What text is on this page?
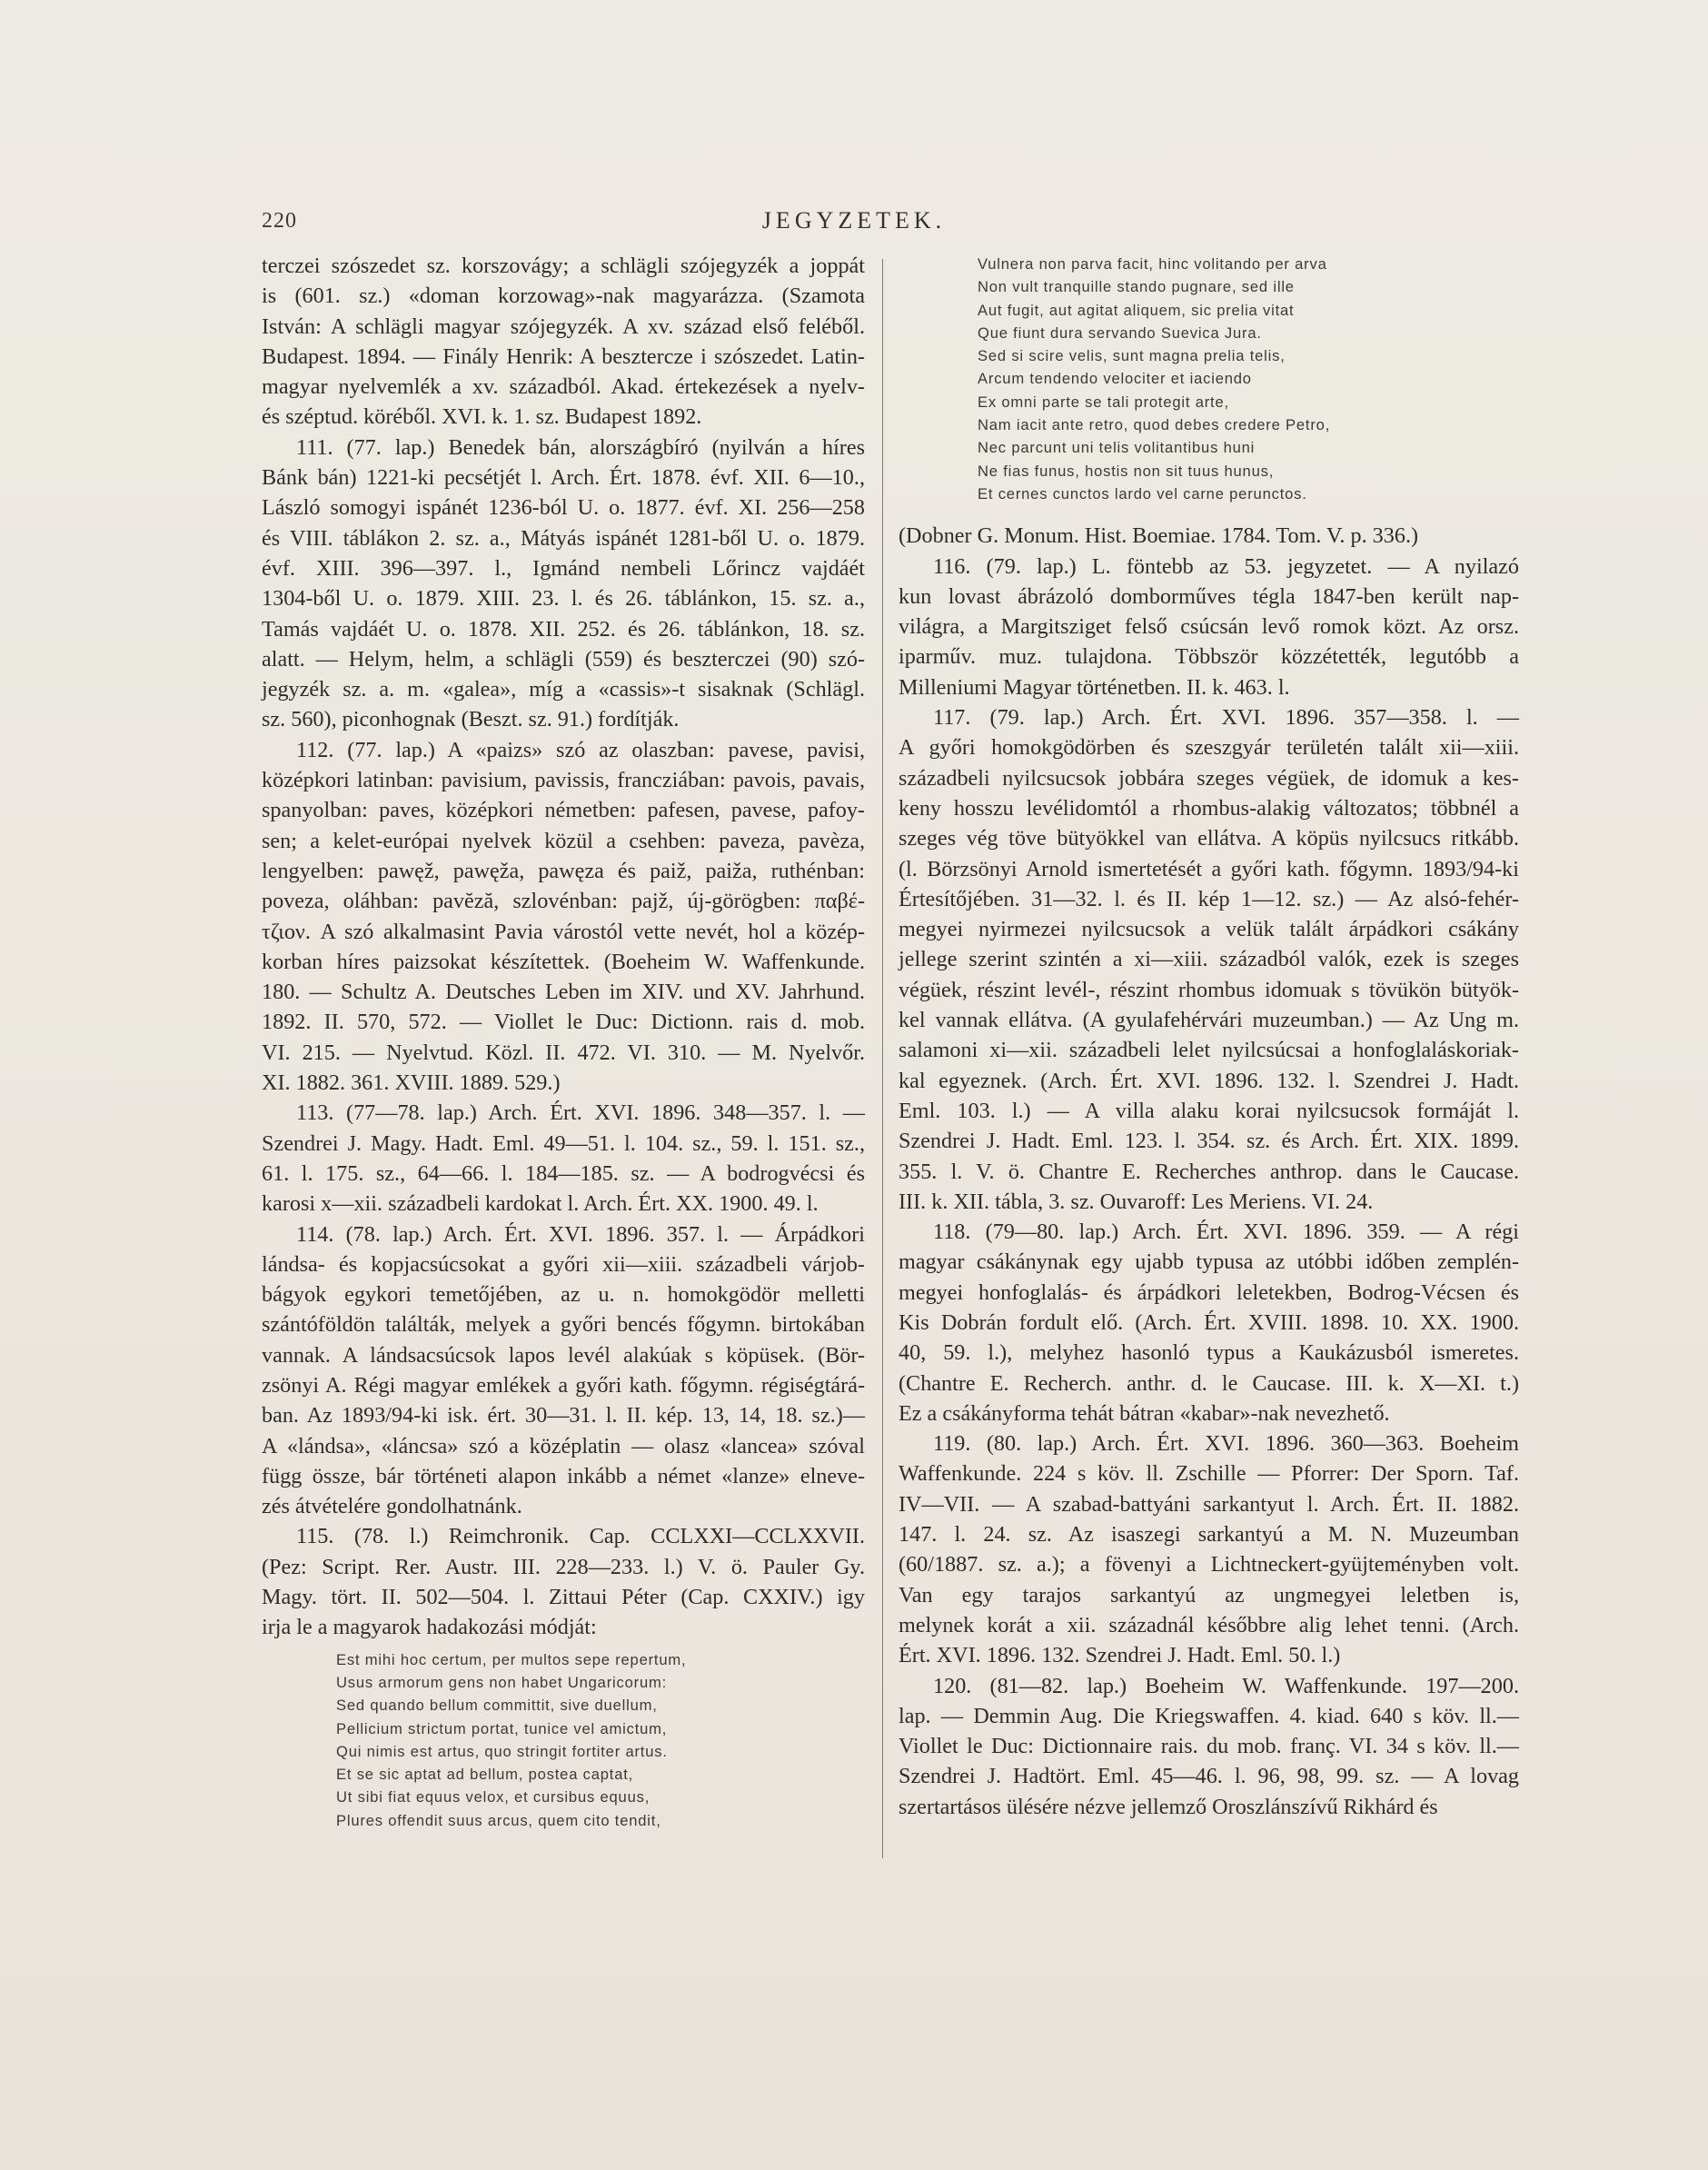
220	JEGYZETEK.
terczei szószedet sz. korszovágy; a schlägli szójegyzék a joppát
is (601. sz.) «doman korzowag»-nak magyarázza. (Szamota
István: A schlägli magyar szójegyzék. A xv. század első feléből.
Budapest. 1894. — Finály Henrik: A besztercze i szószedet. Latin-
magyar nyelvemlék a xv. századból. Akad. értekezések a nyelv-
és széptud. köréből. XVI. k. 1. sz. Budapest 1892.
111. (77. lap.) Benedek bán, alországbíró (nyilván a híres
Bánk bán) 1221-ki pecsétjét l. Arch. Ért. 1878. évf. XII. 6—10.,
László somogyi ispánét 1236-ból U. o. 1877. évf. XI. 256—258
és VIII. táblákon 2. sz. a., Mátyás ispánét 1281-ből U. o. 1879.
évf. XIII. 396—397. l., Igmánd nembeli Lőrincz vajdáét
1304-ből U. o. 1879. XIII. 23. l. és 26. táblánkon, 15. sz. a.,
Tamás vajdáét U. o. 1878. XII. 252. és 26. táblánkon, 18. sz.
alatt. — Helym, helm, a schlägli (559) és beszterczei (90) szó-
jegyzék sz. a. m. «galea», míg a «cassis»-t sisaknak (Schlägl.
sz. 560), piconhognak (Beszt. sz. 91.) fordítják.
112. (77. lap.) A «paizs» szó az olaszban: pavese, pavisi,
középkori latinban: pavisium, pavissis, francziában: pavois, pavais,
spanyolban: paves, középkori németben: pafesen, pavese, pafoy-
sen; a kelet-európai nyelvek közül a csehben: paveza, pavèza,
lengyelben: pawęž, pawęža, pawęza és paiž, paiža, ruthénban:
poveza, oláhban: pavĕză, szlovénban: pajž, új-görögben: παβέ-
τζιον. A szó alkalmasint Pavia várostól vette nevét, hol a közép-
korban híres paizsokat készítettek. (Boeheim W. Waffenkunde.
180. — Schultz A. Deutsches Leben im XIV. und XV. Jahrhund.
1892. II. 570, 572. — Viollet le Duc: Dictionn. rais d. mob.
VI. 215. — Nyelvtud. Közl. II. 472. VI. 310. — M. Nyelvőr.
XI. 1882. 361. XVIII. 1889. 529.)
113. (77—78. lap.) Arch. Ért. XVI. 1896. 348—357. l. —
Szendrei J. Magy. Hadt. Eml. 49—51. l. 104. sz., 59. l. 151. sz.,
61. l. 175. sz., 64—66. l. 184—185. sz. — A bodrogvécsi és
karosi x—xii. századbeli kardokat l. Arch. Ért. XX. 1900. 49. l.
114. (78. lap.) Arch. Ért. XVI. 1896. 357. l. — Árpádkori
lándsa- és kopjacsúcsokat a győri xii—xiii. századbeli várjob-
bágyok egykori temetőjében, az u. n. homokgödör melletti
szántóföldön találták, melyek a győri bencés főgymn. birtokában
vannak. A lándsacsúcsok lapos levél alakúak s köpüsek. (Bör-
zsönyi A. Régi magyar emlékek a győri kath. főgymn. régiségtárá-
ban. Az 1893/94-ki isk. ért. 30—31. l. II. kép. 13, 14, 18. sz.)—
A «lándsa», «láncsa» szó a középlatin — olasz «lancea» szóval
függ össze, bár történeti alapon inkább a német «lanze» elneve-
zés átvételére gondolhatnánk.
115. (78. l.) Reimchronik. Cap. CCLXXI—CCLXXVII.
(Pez: Script. Rer. Austr. III. 228—233. l.) V. ö. Pauler Gy.
Magy. tört. II. 502—504. l. Zittaui Péter (Cap. CXXIV.) igy
irja le a magyarok hadakozási módját:
Est mihi hoc certum, per multos sepe repertum,
Usus armorum gens non habet Ungaricorum:
Sed quando bellum committit, sive duellum,
Pellicium strictum portat, tunice vel amictum,
Qui nimis est artus, quo stringit fortiter artus.
Et se sic aptat ad bellum, postea captat,
Ut sibi fiat equus velox, et cursibus equus,
Plures offendit suus arcus, quem cito tendit,
Vulnera non parva facit, hinc volitando per arva
Non vult tranquille stando pugnare, sed ille
Aut fugit, aut agitat aliquem, sic prelia vitat
Que fiunt dura servando Suevica Jura.
Sed si scire velis, sunt magna prelia telis,
Arcum tendendo velociter et iaciendo
Ex omni parte se tali protegit arte,
Nam iacit ante retro, quod debes credere Petro,
Nec parcunt uni telis volitantibus huni
Ne fias funus, hostis non sit tuus hunus,
Et cernes cunctos lardo vel carne perunctos.
(Dobner G. Monum. Hist. Boemiae. 1784. Tom. V. p. 336.)
116. (79. lap.) L. föntebb az 53. jegyzetet. — A nyilazó
kun lovast ábrázoló domborműves tégla 1847-ben került nap-
világra, a Margitsziget felső csúcsán levő romok közt. Az orsz.
iparműv. muz. tulajdona. Többször közzétették, legutóbb a
Milleniumi Magyar történetben. II. k. 463. l.
117. (79. lap.) Arch. Ért. XVI. 1896. 357—358. l. —
A győri homokgödörben és szeszgyár területén talált xii—xiii.
századbeli nyilcsucsok jobbára szeges végüek, de idomuk a kes-
keny hosszu levélidomtól a rhombus-alakig változatos; többnél a
szeges vég töve bütyökkel van ellátva. A köpüs nyilcsucs ritkább.
(l. Börzsönyi Arnold ismertetését a győri kath. főgymn. 1893/94-ki
Értesítőjében. 31—32. l. és II. kép 1—12. sz.) — Az alsó-fehér-
megyei nyirmezei nyilcsucsok a velük talált árpádkori csákány
jellege szerint szintén a xi—xiii. századból valók, ezek is szeges
végüek, részint levél-, részint rhombus idomuak s tövükön bütyök-
kel vannak ellátva. (A gyulafehérvári muzeumban.) — Az Ung m.
salamoni xi—xii. századbeli lelet nyilcsúcsai a honfoglaláskoriak-
kal egyeznek. (Arch. Ért. XVI. 1896. 132. l. Szendrei J. Hadt.
Eml. 103. l.) — A villa alaku korai nyilcsucsok formáját l.
Szendrei J. Hadt. Eml. 123. l. 354. sz. és Arch. Ért. XIX. 1899.
355. l. V. ö. Chantre E. Recherches anthrop. dans le Caucase.
III. k. XII. tábla, 3. sz. Ouvaroff: Les Meriens. VI. 24.
118. (79—80. lap.) Arch. Ért. XVI. 1896. 359. — A régi
magyar csákánynak egy ujabb typusa az utóbbi időben zemplén-
megyei honfoglalás- és árpádkori leletekben, Bodrog-Vécsen és
Kis Dobrán fordult elő. (Arch. Ért. XVIII. 1898. 10. XX. 1900.
40, 59. l.), melyhez hasonló typus a Kaukázusból ismeretes.
(Chantre E. Recherch. anthr. d. le Caucase. III. k. X—XI. t.)
Ez a csákányforma tehát bátran «kabar»-nak nevezhető.
119. (80. lap.) Arch. Ért. XVI. 1896. 360—363. Boeheim
Waffenkunde. 224 s köv. ll. Zschille — Pforrer: Der Sporn. Taf.
IV—VII. — A szabad-battyáni sarkantyut l. Arch. Ért. II. 1882.
147. l. 24. sz. Az isaszegi sarkantyú a M. N. Muzeumban
(60/1887. sz. a.); a fövenyi a Lichtneckert-gyüjteményben volt.
Van egy tarajos sarkantyú az ungmegyei leletben is,
melynek korát a xii. századnál későbbre alig lehet tenni. (Arch.
Ért. XVI. 1896. 132. Szendrei J. Hadt. Eml. 50. l.)
120. (81—82. lap.) Boeheim W. Waffenkunde. 197—200.
lap. — Demmin Aug. Die Kriegswaffen. 4. kiad. 640 s köv. ll.—
Viollet le Duc: Dictionnaire rais. du mob. franç. VI. 34 s köv. ll.—
Szendrei J. Hadtört. Eml. 45—46. l. 96, 98, 99. sz. — A lovag
szertartásos ülésére nézve jellemző Oroszlánszívű Rikhárd és
